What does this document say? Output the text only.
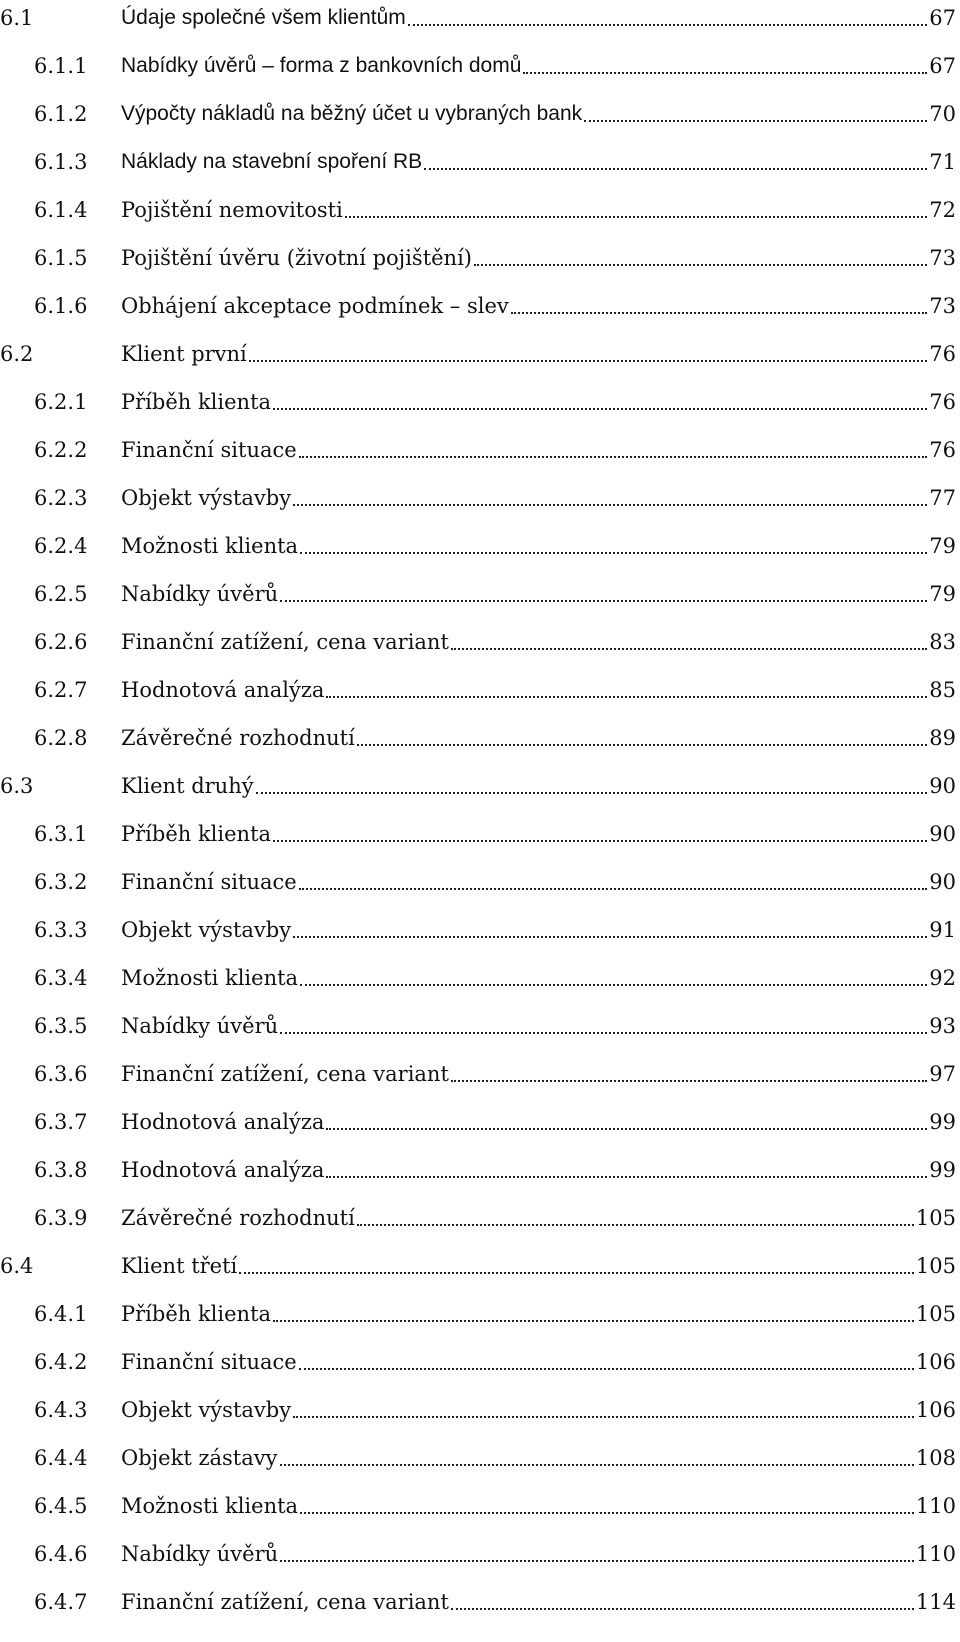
6.1	Údaje společné všem klientům	67
6.1.1 Nabídky úvěrů – forma z bankovních domů	67
6.1.2 Výpočty nákladů na běžný účet u vybraných bank	70
6.1.3 Náklady na stavební spoření RB	71
6.1.4 Pojištění nemovitosti	72
6.1.5 Pojištění úvěru (životní pojištění)	73
6.1.6 Obhájení akceptace podmínek – slev	73
6.2	Klient první	76
6.2.1 Příběh klienta	76
6.2.2 Finanční situace	76
6.2.3 Objekt výstavby	77
6.2.4 Možnosti klienta	79
6.2.5 Nabídky úvěrů	79
6.2.6 Finanční zatížení, cena variant	83
6.2.7 Hodnotová analýza	85
6.2.8 Závěrečné rozhodnutí	89
6.3	Klient druhý	90
6.3.1 Příběh klienta	90
6.3.2 Finanční situace	90
6.3.3 Objekt výstavby	91
6.3.4 Možnosti klienta	92
6.3.5 Nabídky úvěrů	93
6.3.6 Finanční zatížení, cena variant	97
6.3.7 Hodnotová analýza	99
6.3.8 Hodnotová analýza	99
6.3.9 Závěrečné rozhodnutí	105
6.4	Klient třetí	105
6.4.1 Příběh klienta	105
6.4.2 Finanční situace	106
6.4.3 Objekt výstavby	106
6.4.4 Objekt zástavy	108
6.4.5 Možnosti klienta	110
6.4.6 Nabídky úvěrů	110
6.4.7 Finanční zatížení, cena variant	114
